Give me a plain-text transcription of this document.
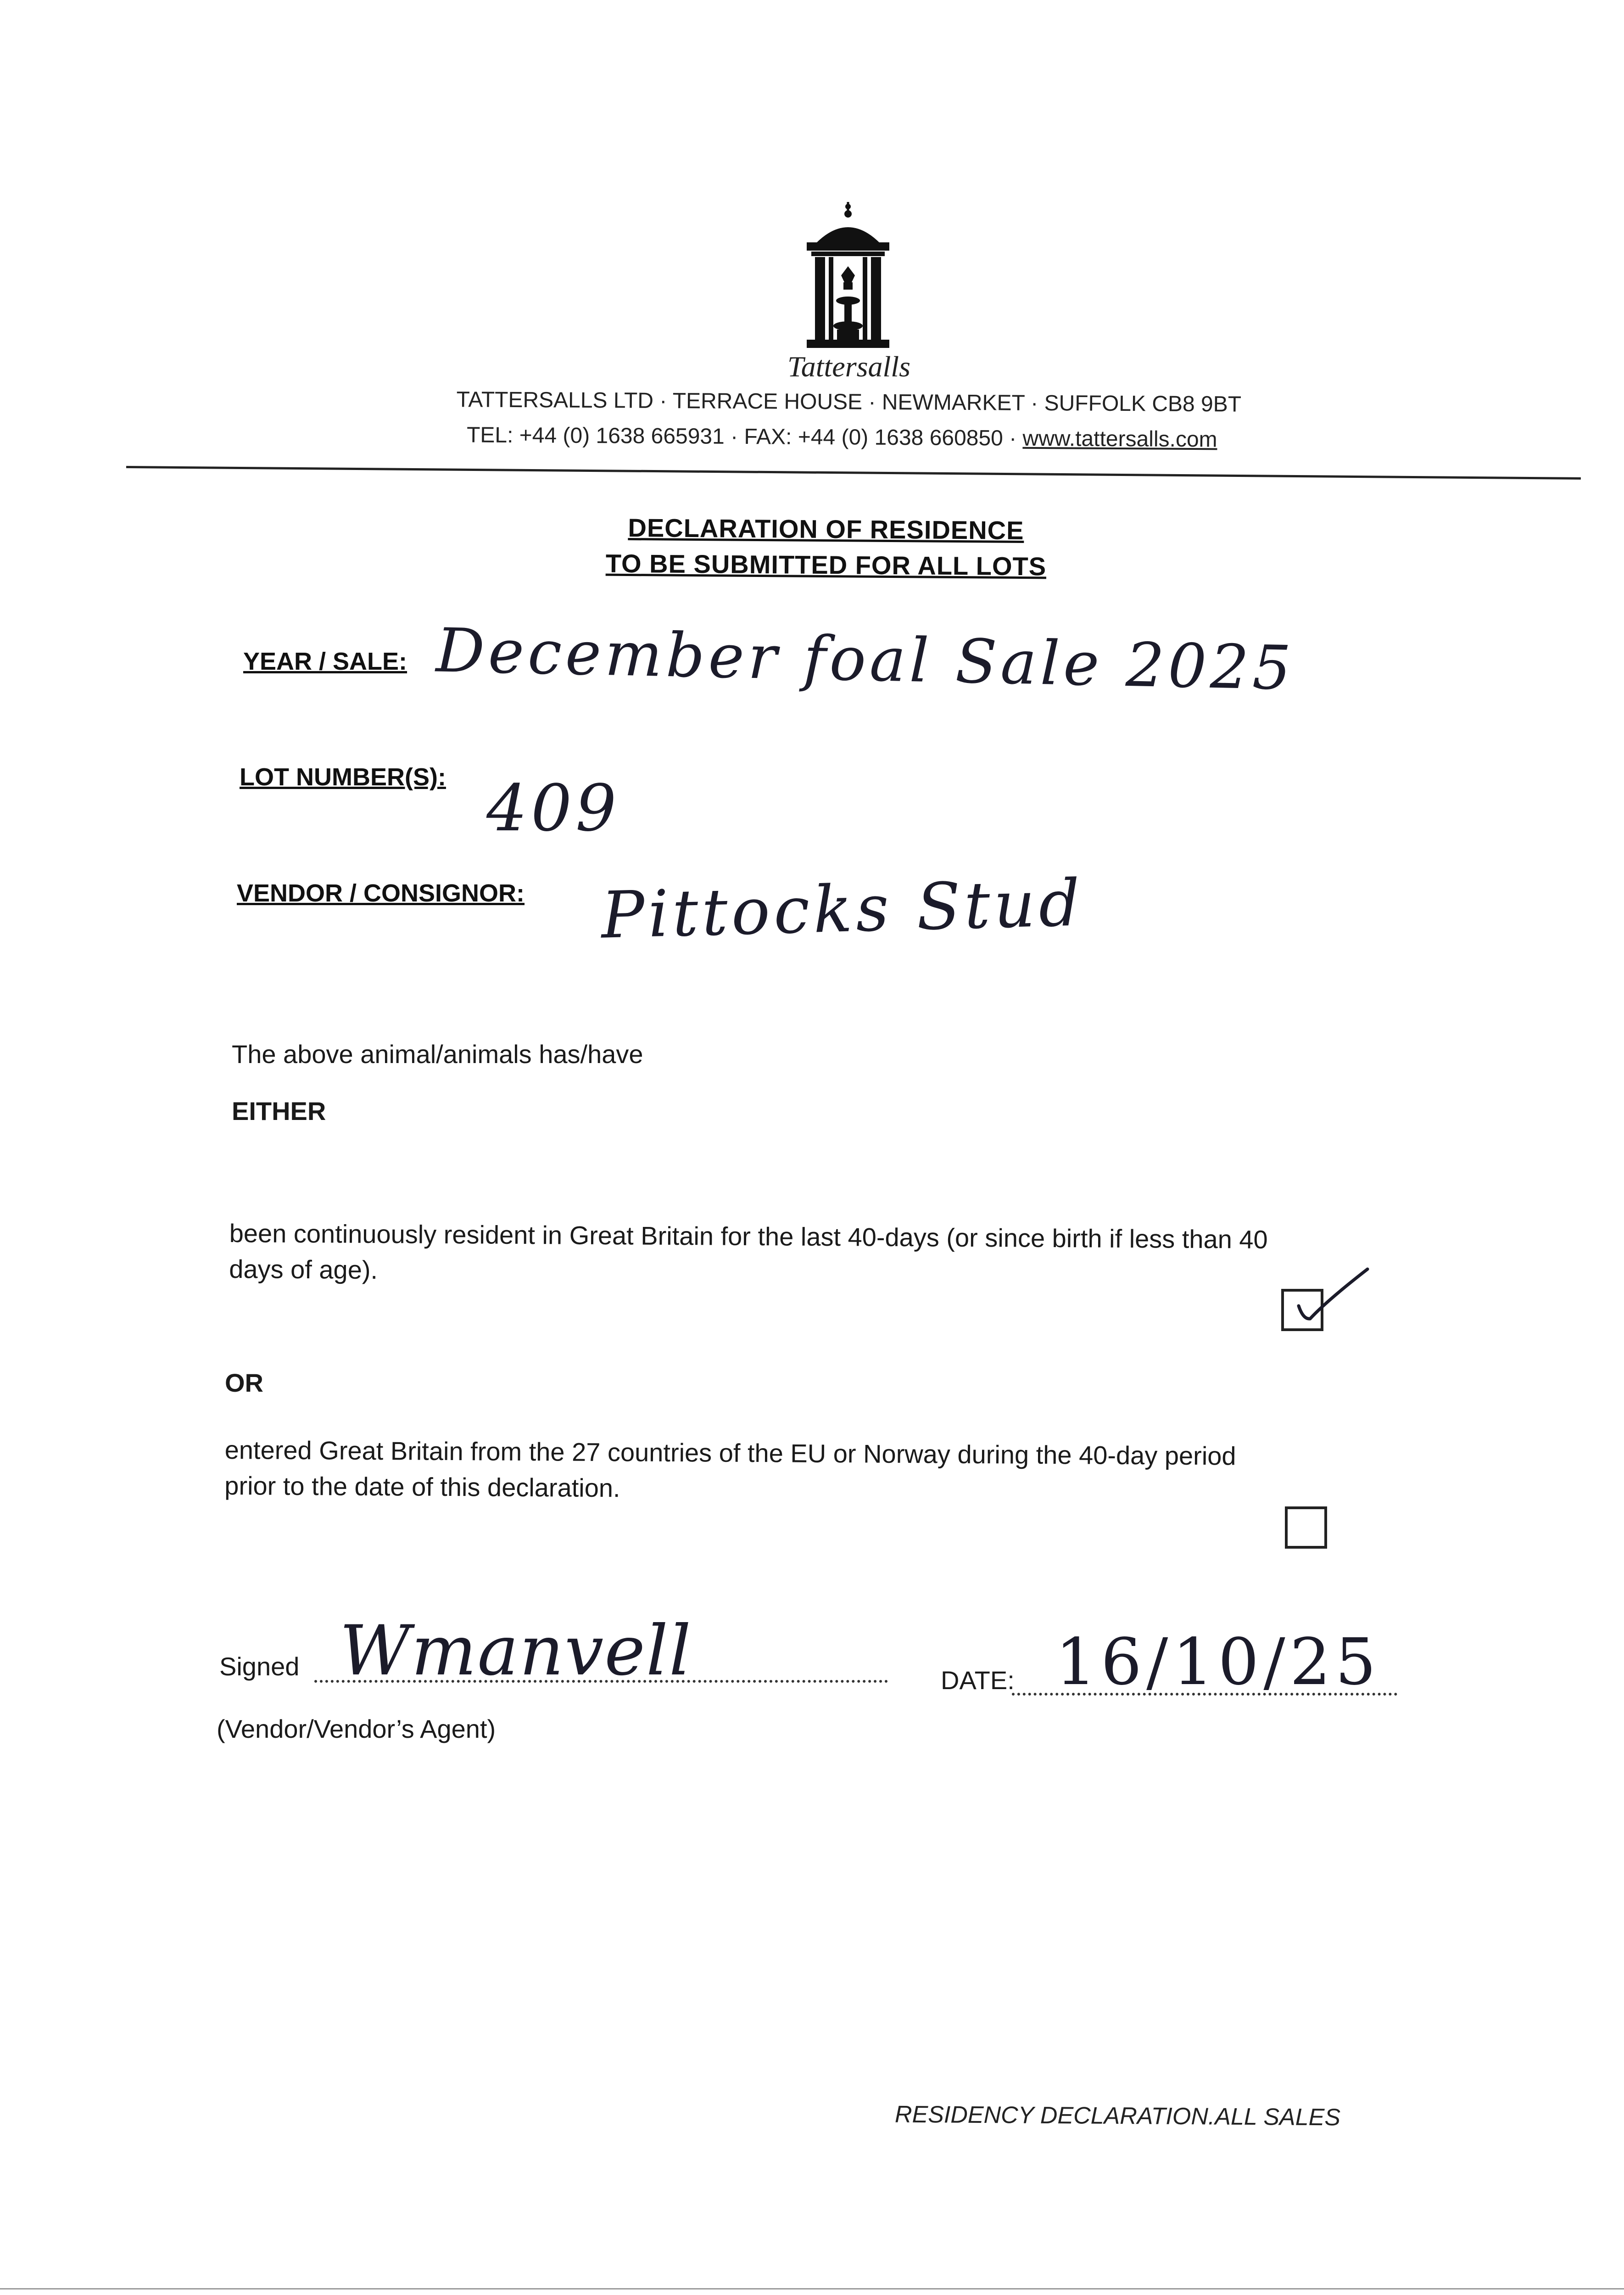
Tattersalls
TATTERSALLS LTD · TERRACE HOUSE · NEWMARKET · SUFFOLK CB8 9BT
TEL: +44 (0) 1638 665931 · FAX: +44 (0) 1638 660850 · www.tattersalls.com
DECLARATION OF RESIDENCE
TO BE SUBMITTED FOR ALL LOTS
YEAR / SALE: December foal Sale 2025
LOT NUMBER(S): 409
VENDOR / CONSIGNOR: Pittocks Stud
The above animal/animals has/have
EITHER
been continuously resident in Great Britain for the last 40-days (or since birth if less than 40
days of age).
OR
entered Great Britain from the 27 countries of the EU or Norway during the 40-day period
prior to the date of this declaration.
Signed Wmanvell	DATE: 16/10/25
(Vendor/Vendor’s Agent)
RESIDENCY DECLARATION.ALL SALES
